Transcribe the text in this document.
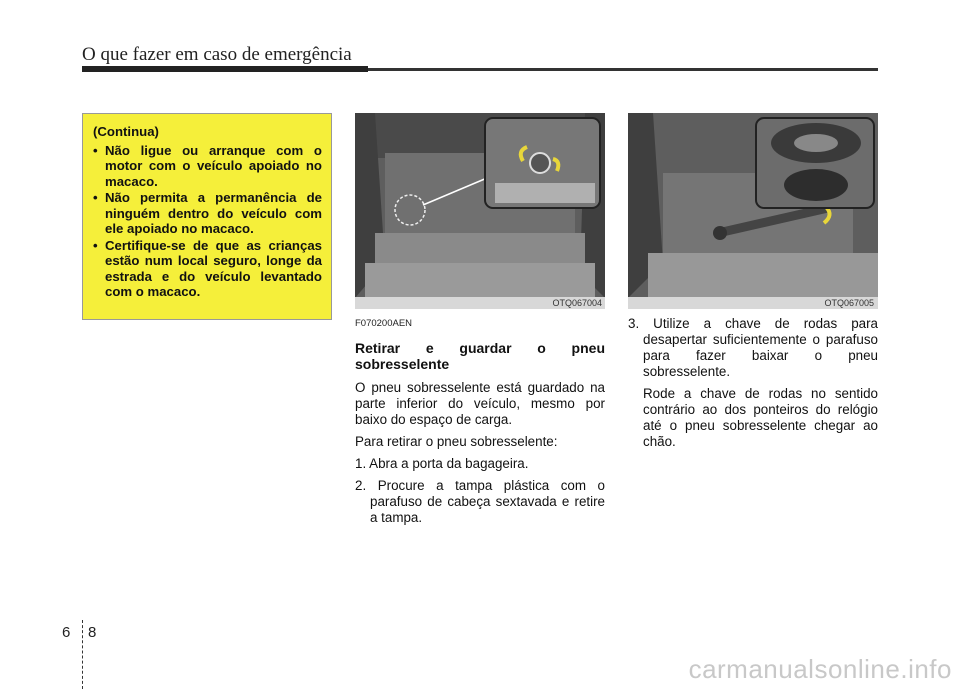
O que fazer em caso de emergência
(Continua)
• Não ligue ou arranque com o motor com o veículo apoiado no macaco.
• Não permita a permanência de ninguém dentro do veículo com ele apoiado no macaco.
• Certifique-se de que as crianças estão num local seguro, longe da estrada e do veículo levantado com o macaco.
OTQ067004	OTQ067005

F070200AEN

Retirar e guardar o pneu sobresselente

O pneu sobresselente está guardado na parte inferior do veículo, mesmo por baixo do espaço de carga.

Para retirar o pneu sobresselente:

1. Abra a porta da bagageira.

2. Procure a tampa plástica com o parafuso de cabeça sextavada e retire a tampa.

3. Utilize a chave de rodas para desapertar suficientemente o parafuso para fazer baixar o pneu sobresselente.

Rode a chave de rodas no sentido contrário ao dos ponteiros do relógio até o pneu sobresselente chegar ao chão.

6 8
carmanualsonline.info
